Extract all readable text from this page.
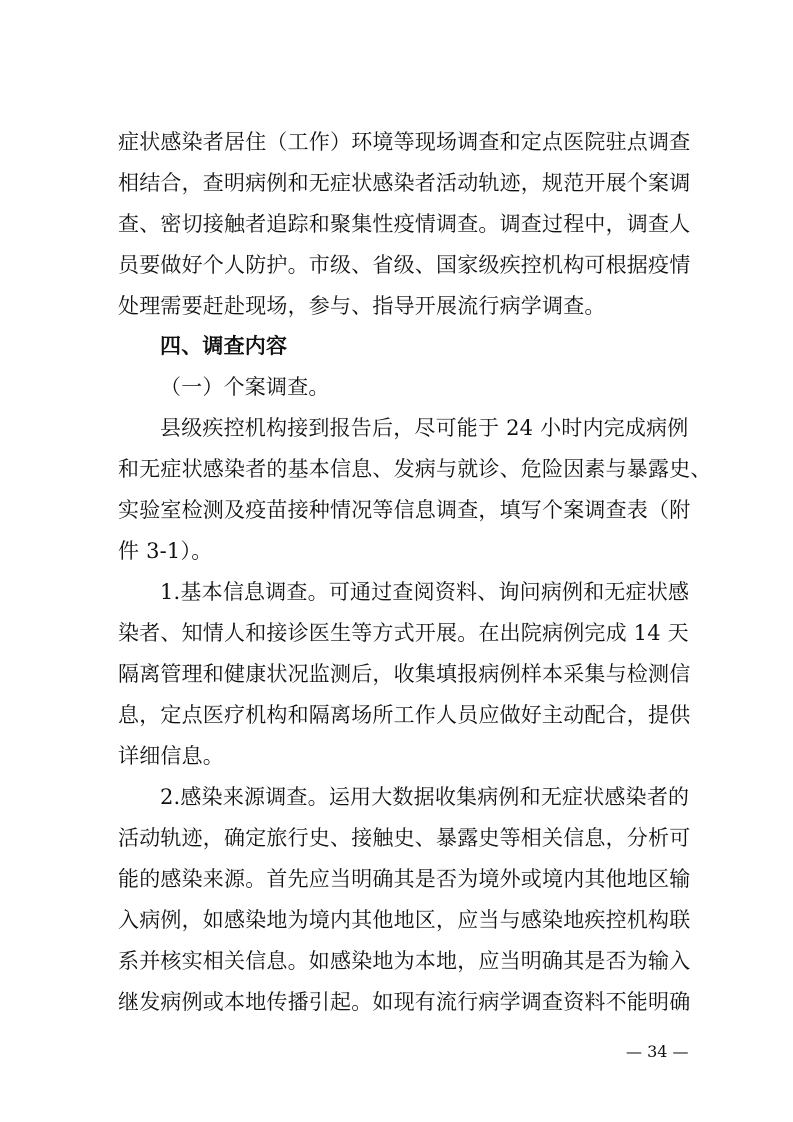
症状感染者居住（工作）环境等现场调查和定点医院驻点调查
相结合，查明病例和无症状感染者活动轨迹，规范开展个案调
查、密切接触者追踪和聚集性疫情调查。调查过程中，调查人
员要做好个人防护。市级、省级、国家级疾控机构可根据疫情
处理需要赶赴现场，参与、指导开展流行病学调查。
四、调查内容
（一）个案调查。
县级疾控机构接到报告后，尽可能于 24 小时内完成病例
和无症状感染者的基本信息、发病与就诊、危险因素与暴露史、
实验室检测及疫苗接种情况等信息调查，填写个案调查表（附
件 3-1）。
1.基本信息调查。可通过查阅资料、询问病例和无症状感
染者、知情人和接诊医生等方式开展。在出院病例完成 14 天
隔离管理和健康状况监测后，收集填报病例样本采集与检测信
息，定点医疗机构和隔离场所工作人员应做好主动配合，提供
详细信息。
2.感染来源调查。运用大数据收集病例和无症状感染者的
活动轨迹，确定旅行史、接触史、暴露史等相关信息，分析可
能的感染来源。首先应当明确其是否为境外或境内其他地区输
入病例，如感染地为境内其他地区，应当与感染地疾控机构联
系并核实相关信息。如感染地为本地，应当明确其是否为输入
继发病例或本地传播引起。如现有流行病学调查资料不能明确
— 34 —
